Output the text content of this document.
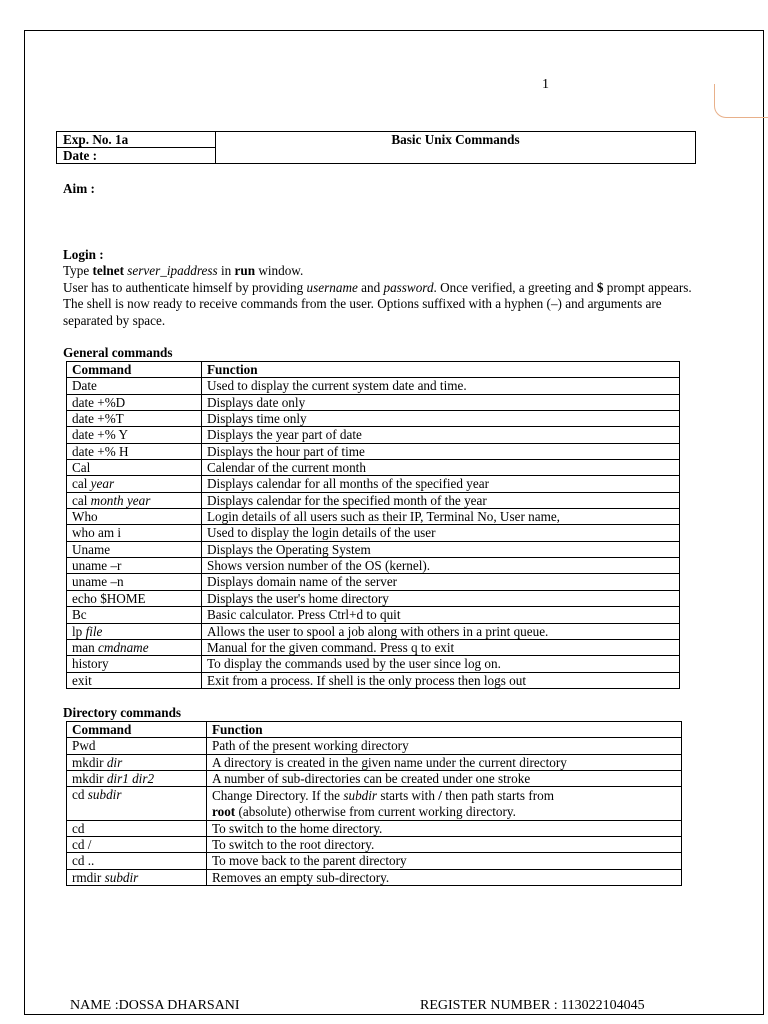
1
Exp. No. 1a	Basic Unix Commands
Date :
Aim :

Login :

Type telnet server_ipaddress in run window.

User has to authenticate himself by providing username and password. Once verified, a greeting and $ prompt appears. The shell is now ready to receive commands from the user. Options suffixed with a hyphen (–) and arguments are separated by space.

General commands
Command	Function
Date	Used to display the current system date and time.
date +%D	Displays date only
date +%T	Displays time only
date +% Y	Displays the year part of date
date +% H	Displays the hour part of time
Cal	Calendar of the current month
cal year	Displays calendar for all months of the specified year
cal month year	Displays calendar for the specified month of the year
Who	Login details of all users such as their IP, Terminal No, User name,
who am i	Used to display the login details of the user
Uname	Displays the Operating System
uname –r	Shows version number of the OS (kernel).
uname –n	Displays domain name of the server
echo $HOME	Displays the user's home directory
Bc	Basic calculator. Press Ctrl+d to quit
lp file	Allows the user to spool a job along with others in a print queue.
man cmdname	Manual for the given command. Press q to exit
history	To display the commands used by the user since log on.
exit	Exit from a process. If shell is the only process then logs out
Directory commands
Command	Function
Pwd	Path of the present working directory
mkdir dir	A directory is created in the given name under the current directory
mkdir dir1 dir2	A number of sub-directories can be created under one stroke
cd subdir	Change Directory. If the subdir starts with / then path starts from
root (absolute) otherwise from current working directory.
cd	To switch to the home directory.
cd /	To switch to the root directory.
cd ..	To move back to the parent directory
rmdir subdir	Removes an empty sub-directory.
NAME :DOSSA DHARSANI	REGISTER NUMBER : 113022104045
